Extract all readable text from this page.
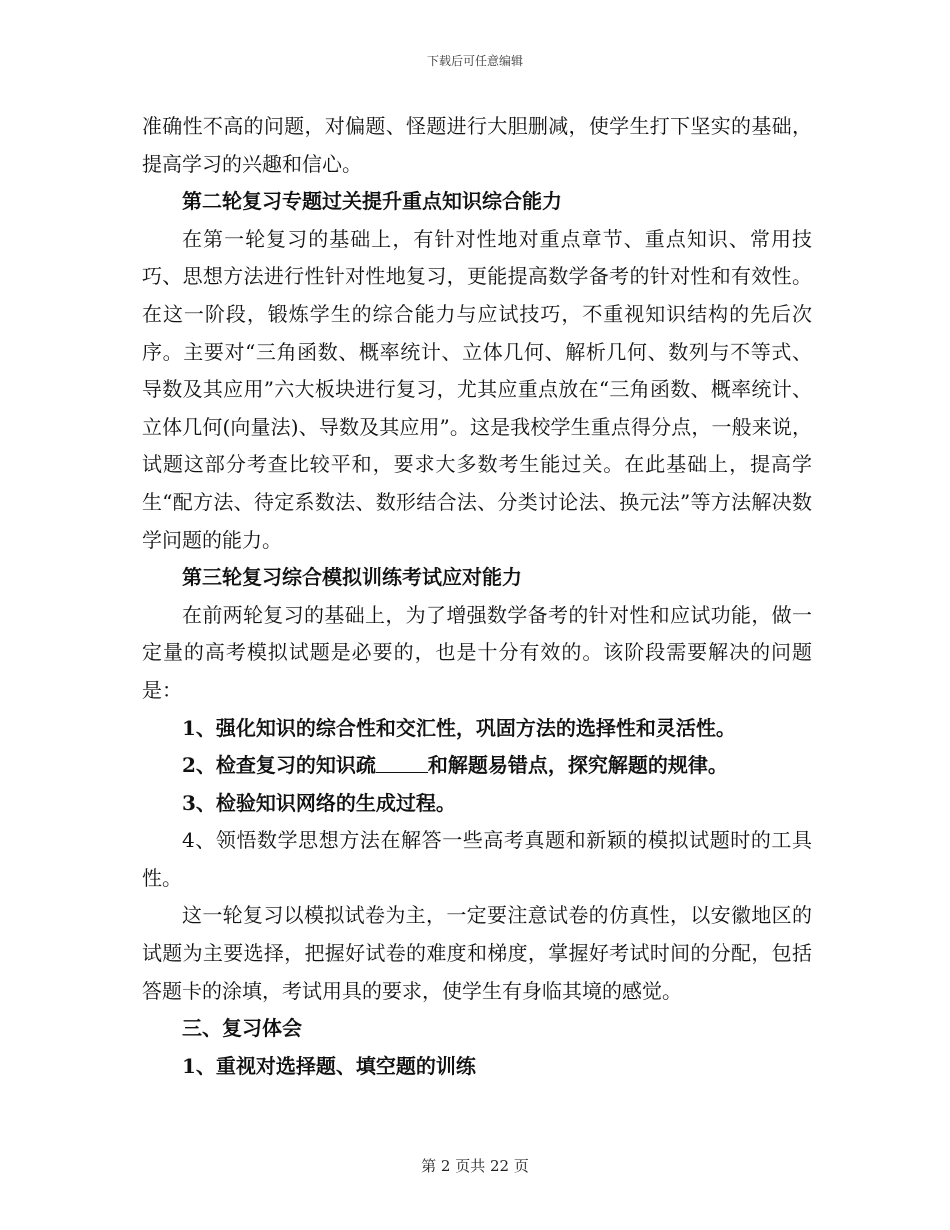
下载后可任意编辑

准确性不高的问题，对偏题、怪题进行大胆删减，使学生打下坚实的基础，提高学习的兴趣和信心。

第二轮复习专题过关提升重点知识综合能力

在第一轮复习的基础上，有针对性地对重点章节、重点知识、常用技巧、思想方法进行性针对性地复习，更能提高数学备考的针对性和有效性。在这一阶段，锻炼学生的综合能力与应试技巧，不重视知识结构的先后次序。主要对“三角函数、概率统计、立体几何、解析几何、数列与不等式、导数及其应用”六大板块进行复习，尤其应重点放在“三角函数、概率统计、立体几何(向量法)、导数及其应用”。这是我校学生重点得分点，一般来说，试题这部分考查比较平和，要求大多数考生能过关。在此基础上，提高学生“配方法、待定系数法、数形结合法、分类讨论法、换元法”等方法解决数学问题的能力。

第三轮复习综合模拟训练考试应对能力

在前两轮复习的基础上，为了增强数学备考的针对性和应试功能，做一定量的高考模拟试题是必要的，也是十分有效的。该阶段需要解决的问题是：

1、强化知识的综合性和交汇性，巩固方法的选择性和灵活性。

2、检查复习的知识疏	和解题易错点，探究解题的规律。

3、检验知识网络的生成过程。

4、领悟数学思想方法在解答一些高考真题和新颖的模拟试题时的工具性。

这一轮复习以模拟试卷为主，一定要注意试卷的仿真性，以安徽地区的试题为主要选择，把握好试卷的难度和梯度，掌握好考试时间的分配，包括答题卡的涂填，考试用具的要求，使学生有身临其境的感觉。

三、复习体会

1、重视对选择题、填空题的训练

第 2 页共 22 页
